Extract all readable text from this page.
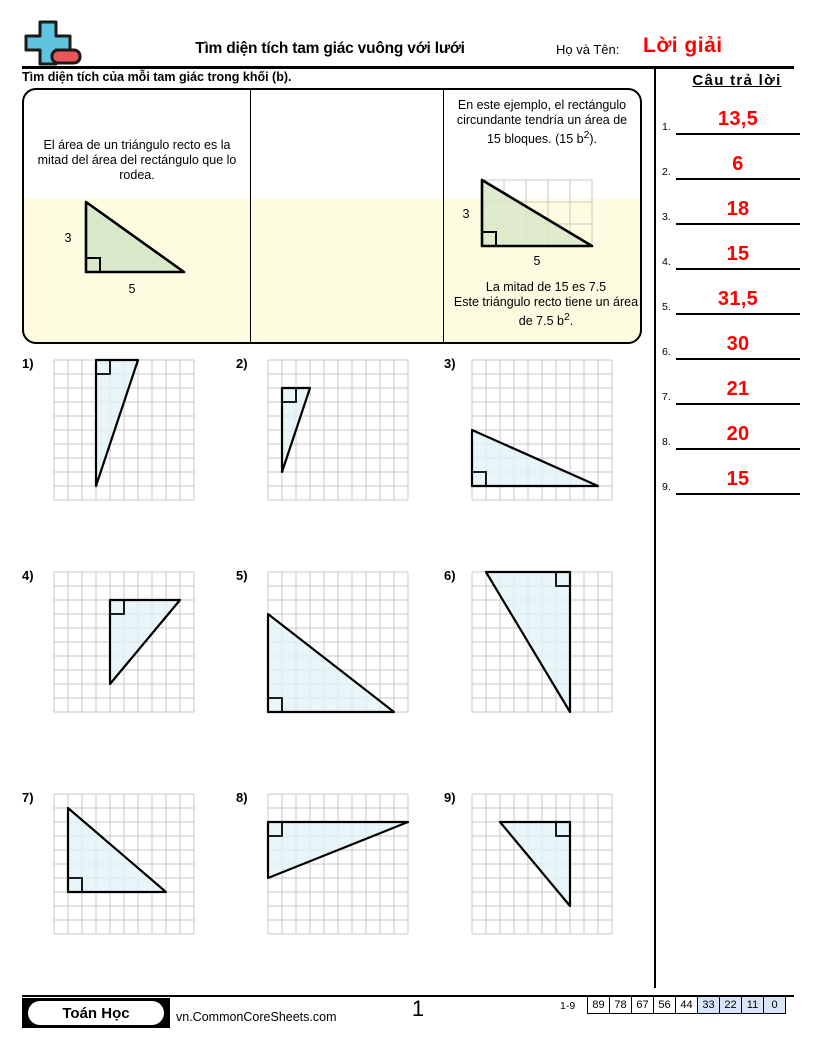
Tìm diện tích tam giác vuông với lưới	Họ và Tên: Lời giải
Tìm diện tích của mỗi tam giác trong khối (b).
El área de un triángulo recto es la mitad del área del rectángulo que lo rodea.
3
5
En este ejemplo, el rectángulo circundante tendría un área de 15 bloques. (15 $b^2$).
3
5
La mitad de 15 es 7.5
Este triángulo recto tiene un área de 7.5 $b^2$.
1)	2)	3)
4)	5)	6)
7)	8)	9)
Câu trả lời
1.	13,5
2.	6
3.	18
4.	15
5.	31,5
6.	30
7.	21
8.	20
9.	15
Toán Học	vn.CommonCoreSheets.com	1	1-9	89 78 67 56 44 33 22 11	0
